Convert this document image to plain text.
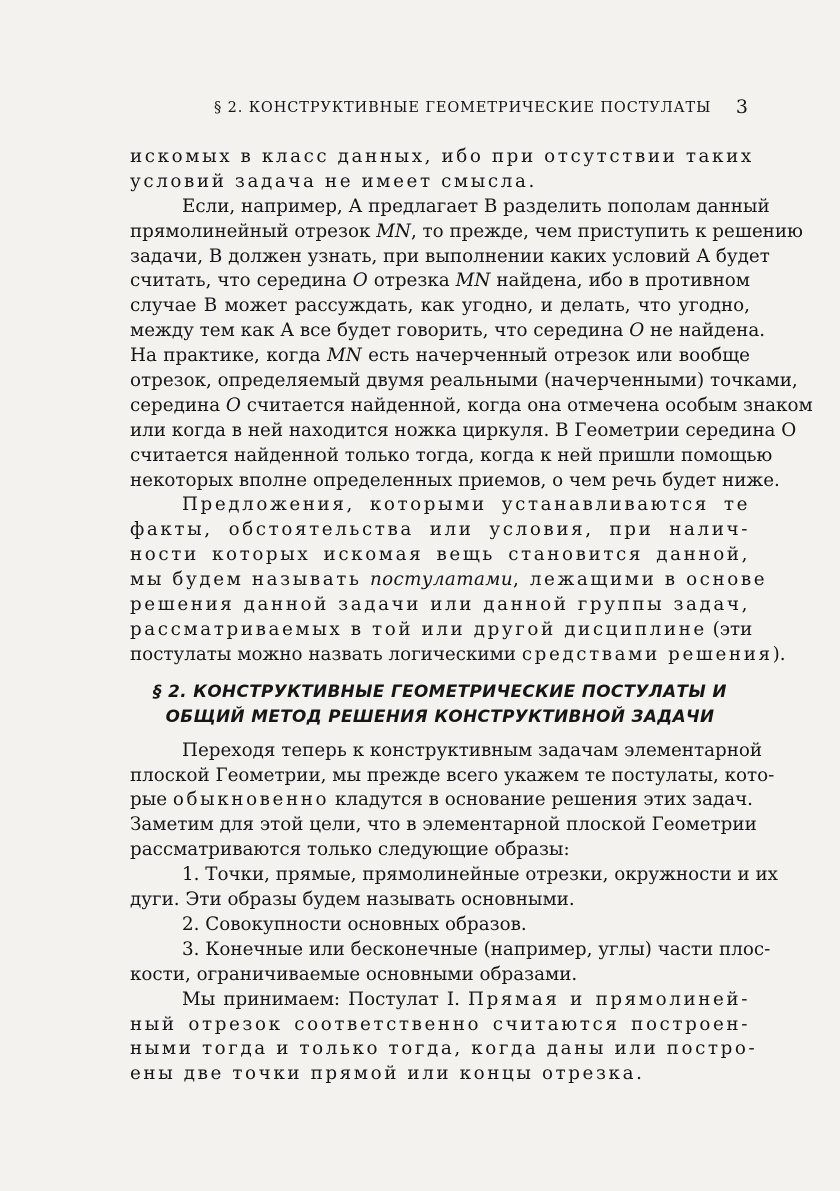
§ 2. КОНСТРУКТИВНЫЕ ГЕОМЕТРИЧЕСКИЕ ПОСТУЛАТЫ 3
искомых в класс данных, ибо при отсутствии таких
условий задача не имеет смысла.
Если, например, А предлагает В разделить пополам данный
прямолинейный отрезок MN, то прежде, чем приступить к решению
задачи, В должен узнать, при выполнении каких условий А будет
считать, что середина O отрезка MN найдена, ибо в противном
случае В может рассуждать, как угодно, и делать, что угодно,
между тем как А все будет говорить, что середина O не найдена.
На практике, когда MN есть начерченный отрезок или вообще
отрезок, определяемый двумя реальными (начерченными) точками,
середина O считается найденной, когда она отмечена особым знаком
или когда в ней находится ножка циркуля. В Геометрии середина O
считается найденной только тогда, когда к ней пришли помощью
некоторых вполне определенных приемов, о чем речь будет ниже.
Предложения, которыми устанавливаются те
факты, обстоятельства или условия, при налич-
ности которых искомая вещь становится данной,
мы будем называть постулатами, лежащими в основе
решения данной задачи или данной группы задач,
рассматриваемых в той или другой дисциплине (эти
постулаты можно назвать логическими средствами решения).
§ 2. КОНСТРУКТИВНЫЕ ГЕОМЕТРИЧЕСКИЕ ПОСТУЛАТЫ И
ОБЩИЙ МЕТОД РЕШЕНИЯ КОНСТРУКТИВНОЙ ЗАДАЧИ
Переходя теперь к конструктивным задачам элементарной
плоской Геометрии, мы прежде всего укажем те постулаты, кото-
рые обыкновенно кладутся в основание решения этих задач.
Заметим для этой цели, что в элементарной плоской Геометрии
рассматриваются только следующие образы:
1. Точки, прямые, прямолинейные отрезки, окружности и их
дуги. Эти образы будем называть основными.
2. Совокупности основных образов.
3. Конечные или бесконечные (например, углы) части плос-
кости, ограничиваемые основными образами.
Мы принимаем: Постулат I. Прямая и прямолиней-
ный отрезок соответственно считаются построен-
ными тогда и только тогда, когда даны или постро-
ены две точки прямой или концы отрезка.
